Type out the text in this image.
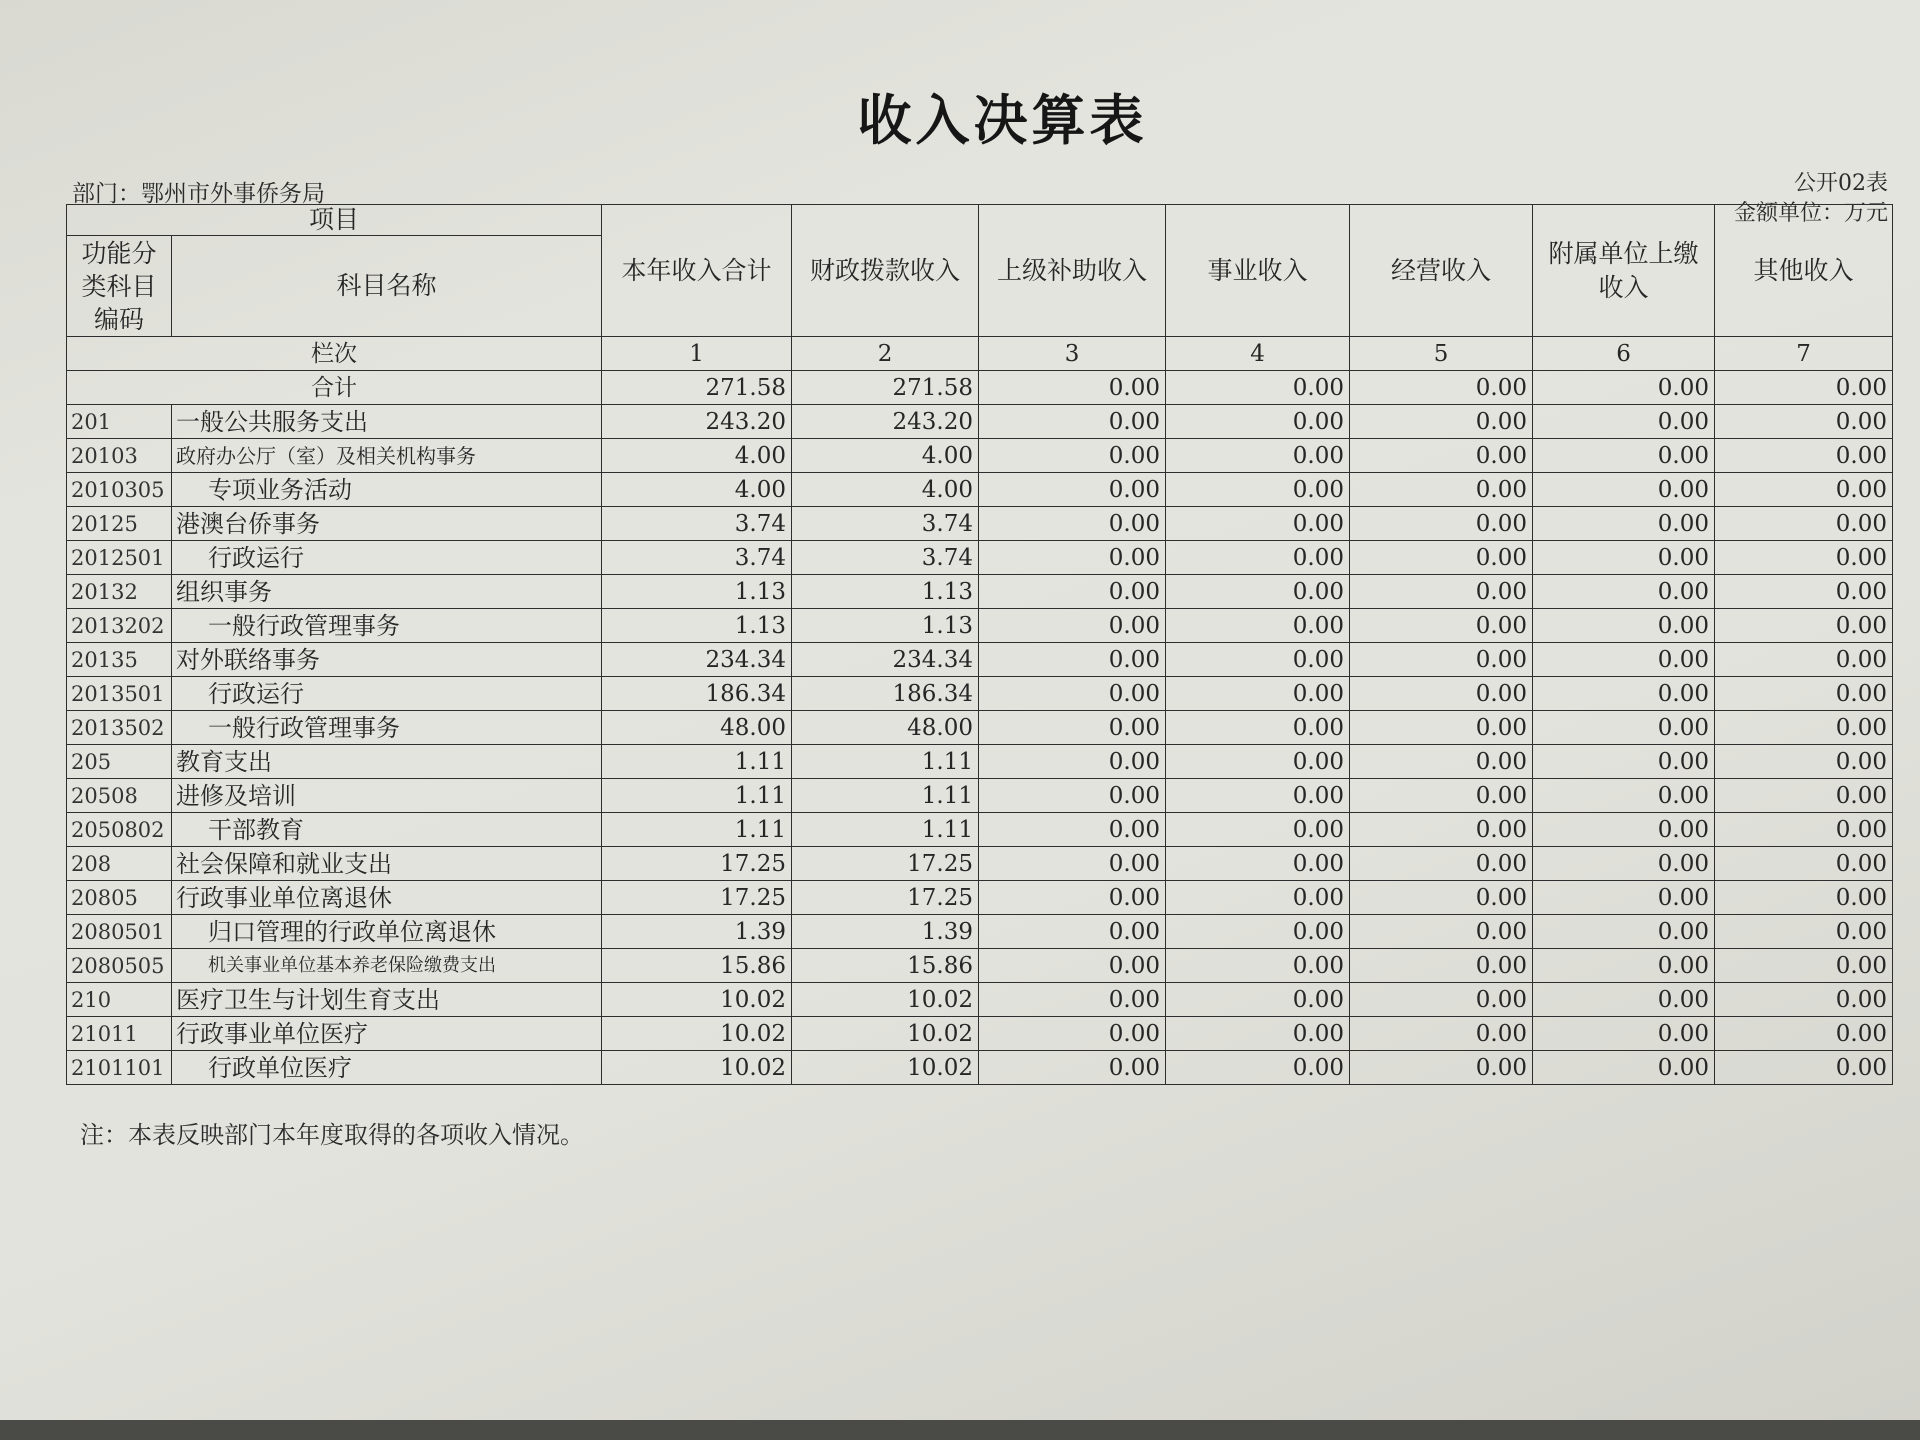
收入决算表
部门：鄂州市外事侨务局	公开02表
金额单位：万元
项目		本年收入合计	财政拨款收入	上级补助收入	事业收入	经营收入	附属单位上缴收入	其他收入
功能分类科目编码	科目名称							
栏次		1	2	3	4	5	6	7
合计		271.58	271.58	0.00	0.00	0.00	0.00	0.00
201	一般公共服务支出	243.20	243.20	0.00	0.00	0.00	0.00	0.00
20103	政府办公厅（室）及相关机构事务	4.00	4.00	0.00	0.00	0.00	0.00	0.00
2010305	专项业务活动	4.00	4.00	0.00	0.00	0.00	0.00	0.00
20125	港澳台侨事务	3.74	3.74	0.00	0.00	0.00	0.00	0.00
2012501	行政运行	3.74	3.74	0.00	0.00	0.00	0.00	0.00
20132	组织事务	1.13	1.13	0.00	0.00	0.00	0.00	0.00
2013202	一般行政管理事务	1.13	1.13	0.00	0.00	0.00	0.00	0.00
20135	对外联络事务	234.34	234.34	0.00	0.00	0.00	0.00	0.00
2013501	行政运行	186.34	186.34	0.00	0.00	0.00	0.00	0.00
2013502	一般行政管理事务	48.00	48.00	0.00	0.00	0.00	0.00	0.00
205	教育支出	1.11	1.11	0.00	0.00	0.00	0.00	0.00
20508	进修及培训	1.11	1.11	0.00	0.00	0.00	0.00	0.00
2050802	干部教育	1.11	1.11	0.00	0.00	0.00	0.00	0.00
208	社会保障和就业支出	17.25	17.25	0.00	0.00	0.00	0.00	0.00
20805	行政事业单位离退休	17.25	17.25	0.00	0.00	0.00	0.00	0.00
2080501	归口管理的行政单位离退休	1.39	1.39	0.00	0.00	0.00	0.00	0.00
2080505	机关事业单位基本养老保险缴费支出	15.86	15.86	0.00	0.00	0.00	0.00	0.00
210	医疗卫生与计划生育支出	10.02	10.02	0.00	0.00	0.00	0.00	0.00
21011	行政事业单位医疗	10.02	10.02	0.00	0.00	0.00	0.00	0.00
2101101	行政单位医疗	10.02	10.02	0.00	0.00	0.00	0.00	0.00
注：本表反映部门本年度取得的各项收入情况。
